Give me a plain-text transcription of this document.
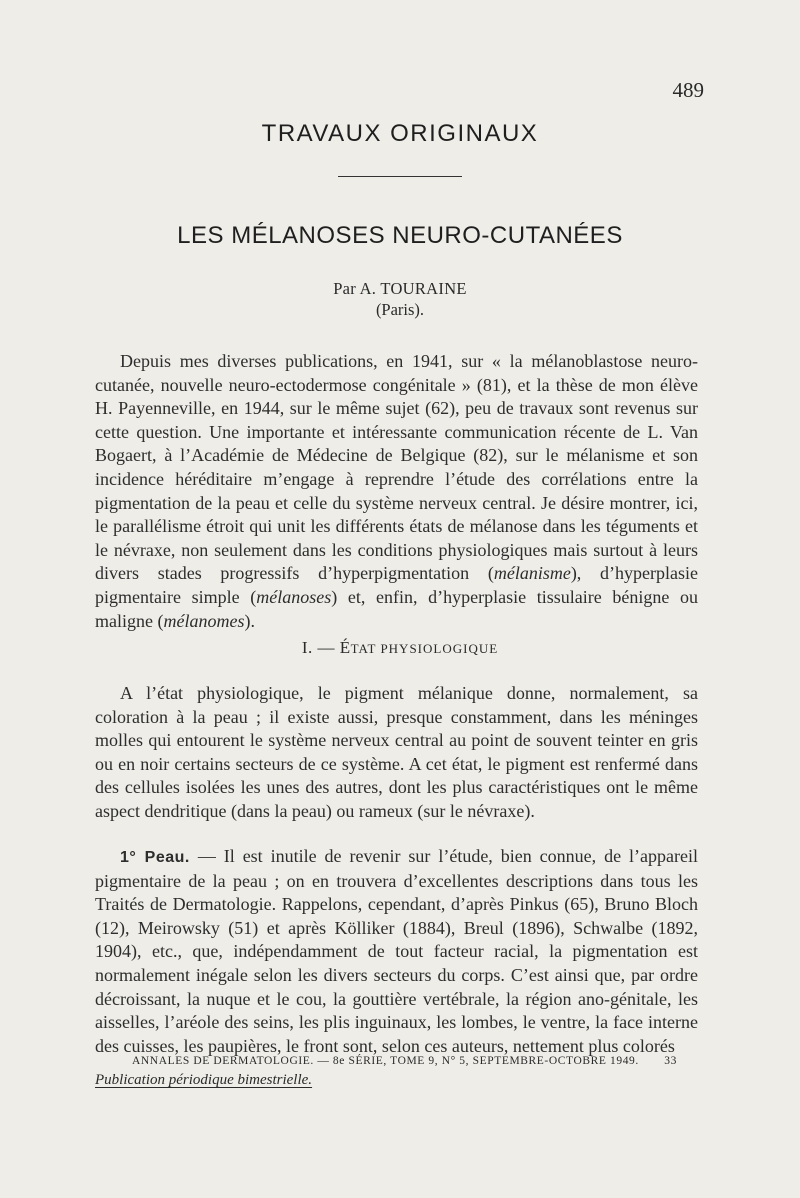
489
TRAVAUX ORIGINAUX
LES MÉLANOSES NEURO-CUTANÉES
Par A. TOURAINE
(Paris).
Depuis mes diverses publications, en 1941, sur « la mélanoblastose neuro-cutanée, nouvelle neuro-ectodermose congénitale » (81), et la thèse de mon élève H. Payenneville, en 1944, sur le même sujet (62), peu de travaux sont revenus sur cette question. Une importante et intéressante communication récente de L. Van Bogaert, à l’Académie de Médecine de Belgique (82), sur le mélanisme et son incidence héréditaire m’engage à reprendre l’étude des corrélations entre la pigmentation de la peau et celle du système nerveux central. Je désire montrer, ici, le parallélisme étroit qui unit les différents états de mélanose dans les téguments et le névraxe, non seulement dans les conditions physiologiques mais surtout à leurs divers stades progressifs d’hyperpigmentation (mélanisme), d’hyperplasie pigmentaire simple (mélanoses) et, enfin, d’hyperplasie tissulaire bénigne ou maligne (mélanomes).
I. — ÉTAT PHYSIOLOGIQUE
A l’état physiologique, le pigment mélanique donne, normalement, sa coloration à la peau ; il existe aussi, presque constamment, dans les méninges molles qui entourent le système nerveux central au point de souvent teinter en gris ou en noir certains secteurs de ce système. A cet état, le pigment est renfermé dans des cellules isolées les unes des autres, dont les plus caractéristiques ont le même aspect dendritique (dans la peau) ou rameux (sur le névraxe).
1° Peau. — Il est inutile de revenir sur l’étude, bien connue, de l’appareil pigmentaire de la peau ; on en trouvera d’excellentes descriptions dans tous les Traités de Dermatologie. Rappelons, cependant, d’après Pinkus (65), Bruno Bloch (12), Meirowsky (51) et après Kölliker (1884), Breul (1896), Schwalbe (1892, 1904), etc., que, indépendamment de tout facteur racial, la pigmentation est normalement inégale selon les divers secteurs du corps. C’est ainsi que, par ordre décroissant, la nuque et le cou, la gouttière vertébrale, la région ano-génitale, les aisselles, l’aréole des seins, les plis inguinaux, les lombes, le ventre, la face interne des cuisses, les paupières, le front sont, selon ces auteurs, nettement plus colorés
ANNALES DE DERMATOLOGIE. — 8e SÉRIE, TOME 9, N° 5, SEPTEMBRE-OCTOBRE 1949. 33
Publication périodique bimestrielle.
